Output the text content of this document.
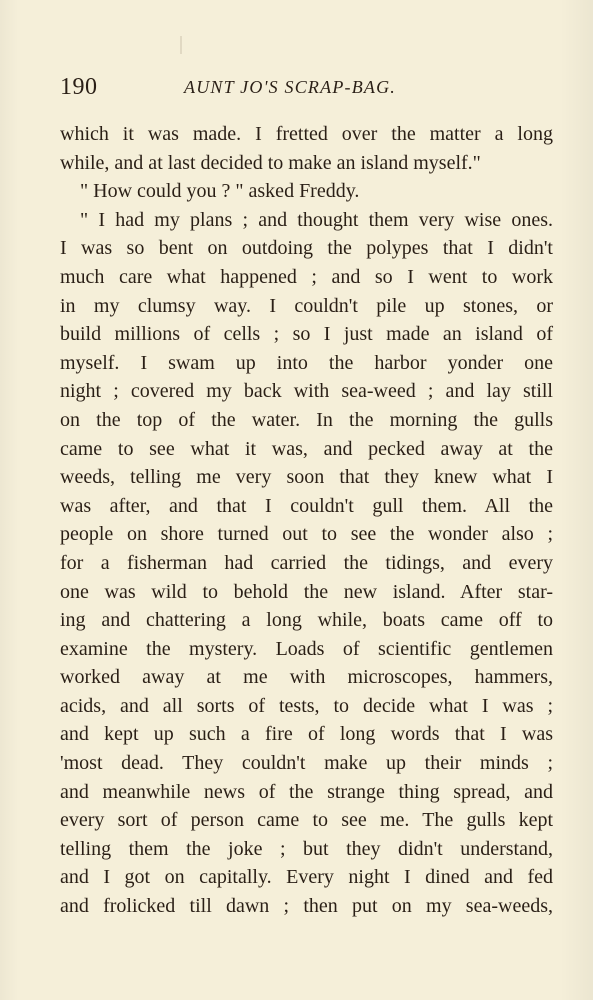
190	AUNT JO'S SCRAP-BAG.
which it was made. I fretted over the matter a long
while, and at last decided to make an island myself."
" How could you ? " asked Freddy.
" I had my plans ; and thought them very wise ones.
I was so bent on outdoing the polypes that I didn't
much care what happened ; and so I went to work
in my clumsy way. I couldn't pile up stones, or
build millions of cells ; so I just made an island of
myself. I swam up into the harbor yonder one
night ; covered my back with sea-weed ; and lay still
on the top of the water. In the morning the gulls
came to see what it was, and pecked away at the
weeds, telling me very soon that they knew what I
was after, and that I couldn't gull them. All the
people on shore turned out to see the wonder also ;
for a fisherman had carried the tidings, and every
one was wild to behold the new island. After star-
ing and chattering a long while, boats came off to
examine the mystery. Loads of scientific gentlemen
worked away at me with microscopes, hammers,
acids, and all sorts of tests, to decide what I was ;
and kept up such a fire of long words that I was
'most dead. They couldn't make up their minds ;
and meanwhile news of the strange thing spread, and
every sort of person came to see me. The gulls kept
telling them the joke ; but they didn't understand,
and I got on capitally. Every night I dined and fed
and frolicked till dawn ; then put on my sea-weeds,
